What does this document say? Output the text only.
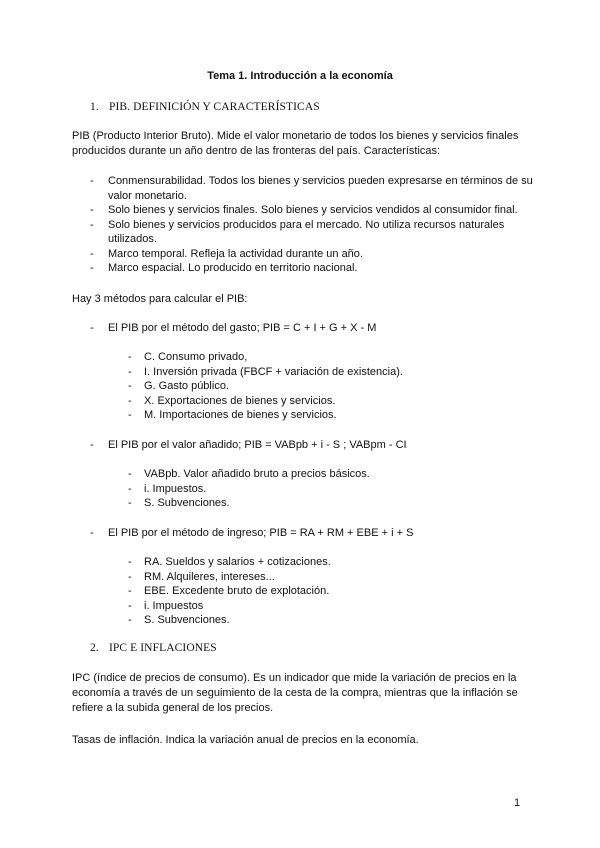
Tema 1. Introducción a la economía
1. PIB. DEFINICIÓN Y CARACTERÍSTICAS
PIB (Producto Interior Bruto). Mide el valor monetario de todos los bienes y servicios finales producidos durante un año dentro de las fronteras del país. Características:
- Conmensurabilidad. Todos los bienes y servicios pueden expresarse en términos de su valor monetario.
- Solo bienes y servicios finales. Solo bienes y servicios vendidos al consumidor final.
- Solo bienes y servicios producidos para el mercado. No utiliza recursos naturales utilizados.
- Marco temporal. Refleja la actividad durante un año.
- Marco espacial. Lo producido en territorio nacional.
Hay 3 métodos para calcular el PIB:
- El PIB por el método del gasto; PIB = C + I + G + X - M
- C. Consumo privado,
- I. Inversión privada (FBCF + variación de existencia).
- G. Gasto público.
- X. Exportaciones de bienes y servicios.
- M. Importaciones de bienes y servicios.
- El PIB por el valor añadido; PIB = VABpb + i - S ; VABpm - CI
- VABpb. Valor añadido bruto a precios básicos.
- i. Impuestos.
- S. Subvenciones.
- El PIB por el método de ingreso; PIB = RA + RM + EBE + i + S
- RA. Sueldos y salarios + cotizaciones.
- RM. Alquileres, intereses...
- EBE. Excedente bruto de explotación.
- i. Impuestos
- S. Subvenciones.
2. IPC E INFLACIONES
IPC (índice de precios de consumo). Es un indicador que mide la variación de precios en la economía a través de un seguimiento de la cesta de la compra, mientras que la inflación se refiere a la subida general de los precios.
Tasas de inflación. Indica la variación anual de precios en la economía.
1
